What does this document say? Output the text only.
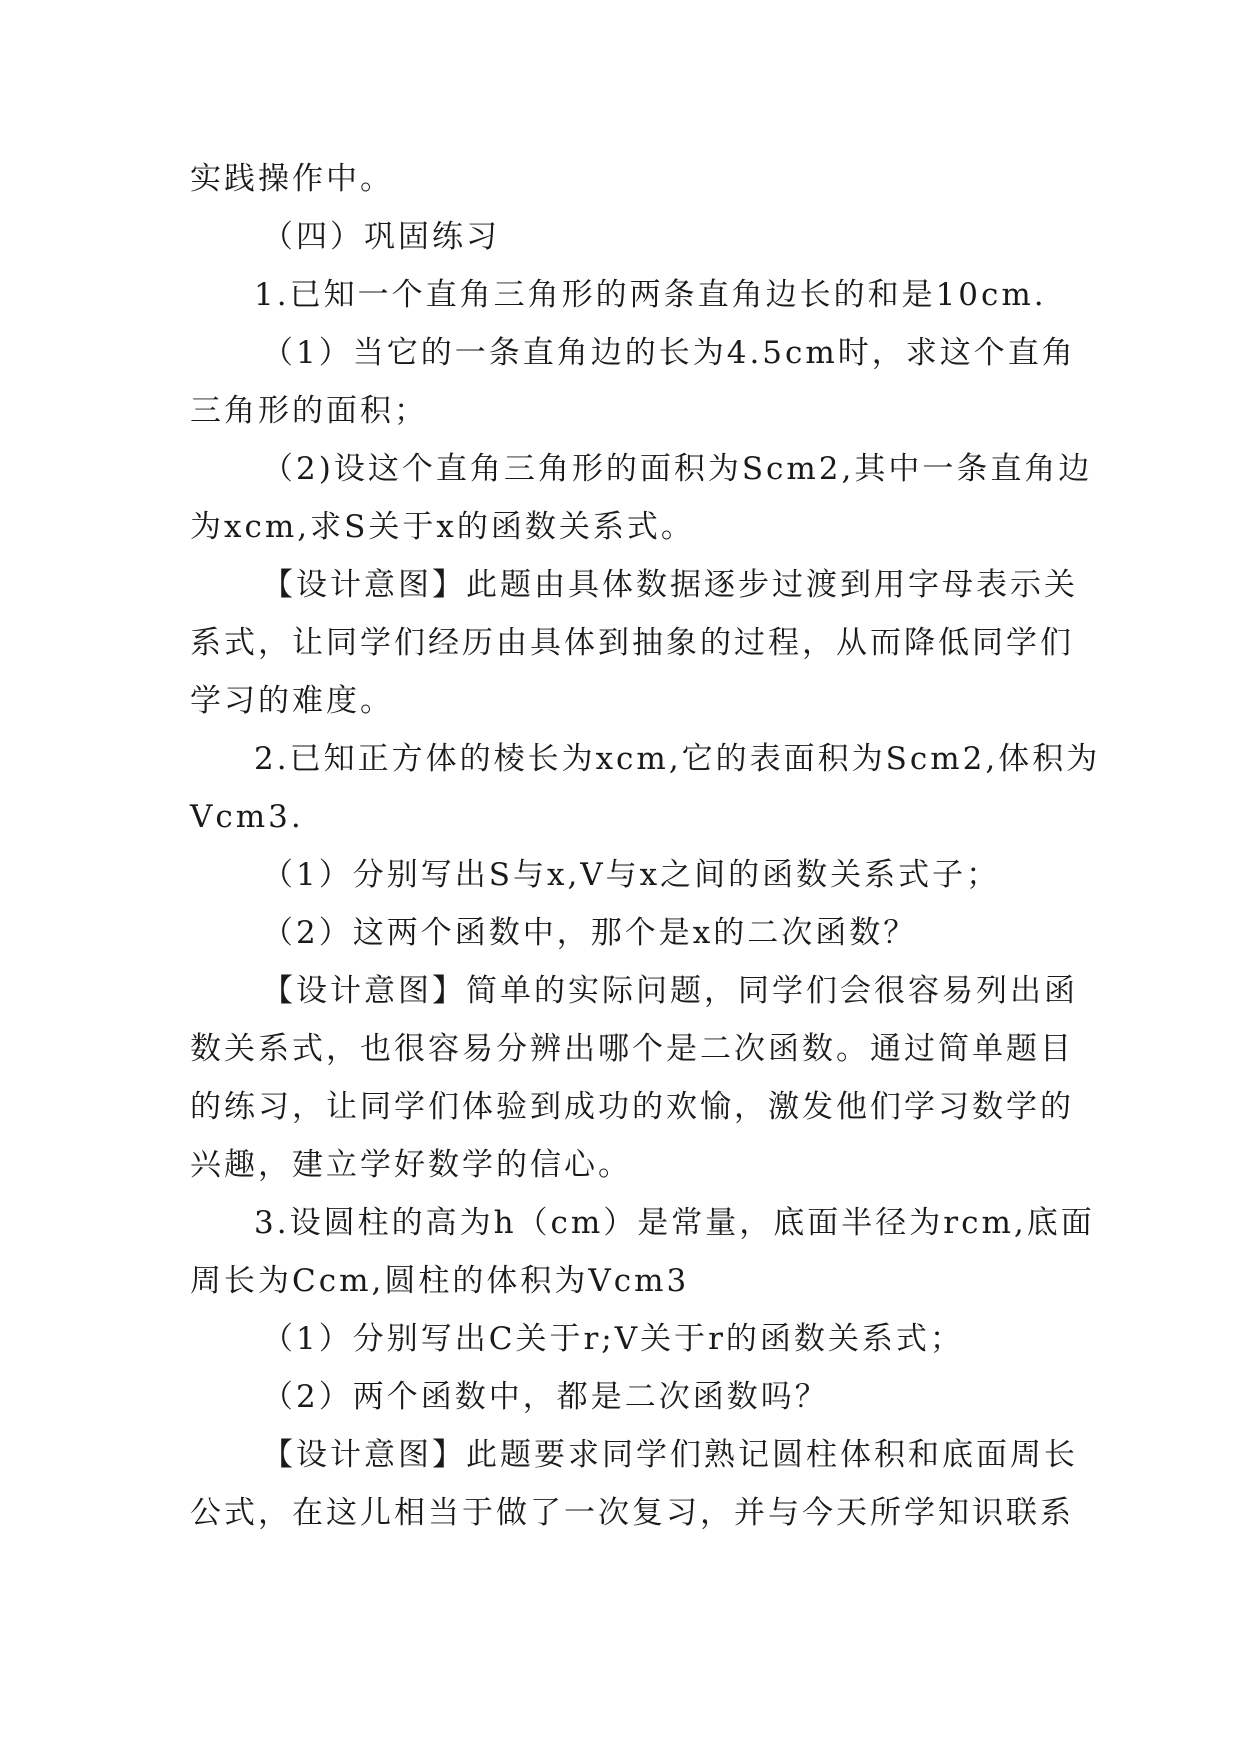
实践操作中。
（四）巩固练习
1.已知一个直角三角形的两条直角边长的和是10cm.
（1）当它的一条直角边的长为4.5cm时，求这个直角
三角形的面积；
（2)设这个直角三角形的面积为Scm2,其中一条直角边
为xcm,求S关于x的函数关系式。
【设计意图】此题由具体数据逐步过渡到用字母表示关
系式，让同学们经历由具体到抽象的过程，从而降低同学们
学习的难度。
2.已知正方体的棱长为xcm,它的表面积为Scm2,体积为
Vcm3.
（1）分别写出S与x,V与x之间的函数关系式子；
（2）这两个函数中，那个是x的二次函数？
【设计意图】简单的实际问题，同学们会很容易列出函
数关系式，也很容易分辨出哪个是二次函数。通过简单题目
的练习，让同学们体验到成功的欢愉，激发他们学习数学的
兴趣，建立学好数学的信心。
3.设圆柱的高为h（cm）是常量，底面半径为rcm,底面
周长为Ccm,圆柱的体积为Vcm3
（1）分别写出C关于r;V关于r的函数关系式；
（2）两个函数中，都是二次函数吗？
【设计意图】此题要求同学们熟记圆柱体积和底面周长
公式，在这儿相当于做了一次复习，并与今天所学知识联系
